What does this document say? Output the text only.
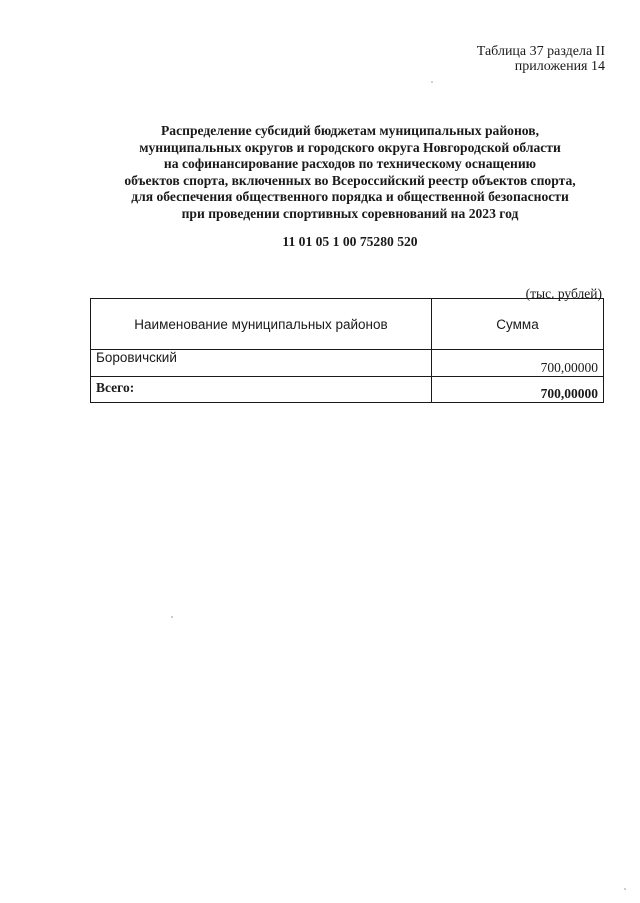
Таблица 37 раздела II
приложения 14
Распределение субсидий бюджетам муниципальных районов,
муниципальных округов и городского округа Новгородской области
на софинансирование расходов по техническому оснащению
объектов спорта, включенных во Всероссийский реестр объектов спорта,
для обеспечения общественного порядка и общественной безопасности
при проведении спортивных соревнований на 2023 год
11 01 05 1 00 75280 520
(тыс. рублей)
Наименование муниципальных районов	Сумма
Боровичский	700,00000
Всего:	700,00000
